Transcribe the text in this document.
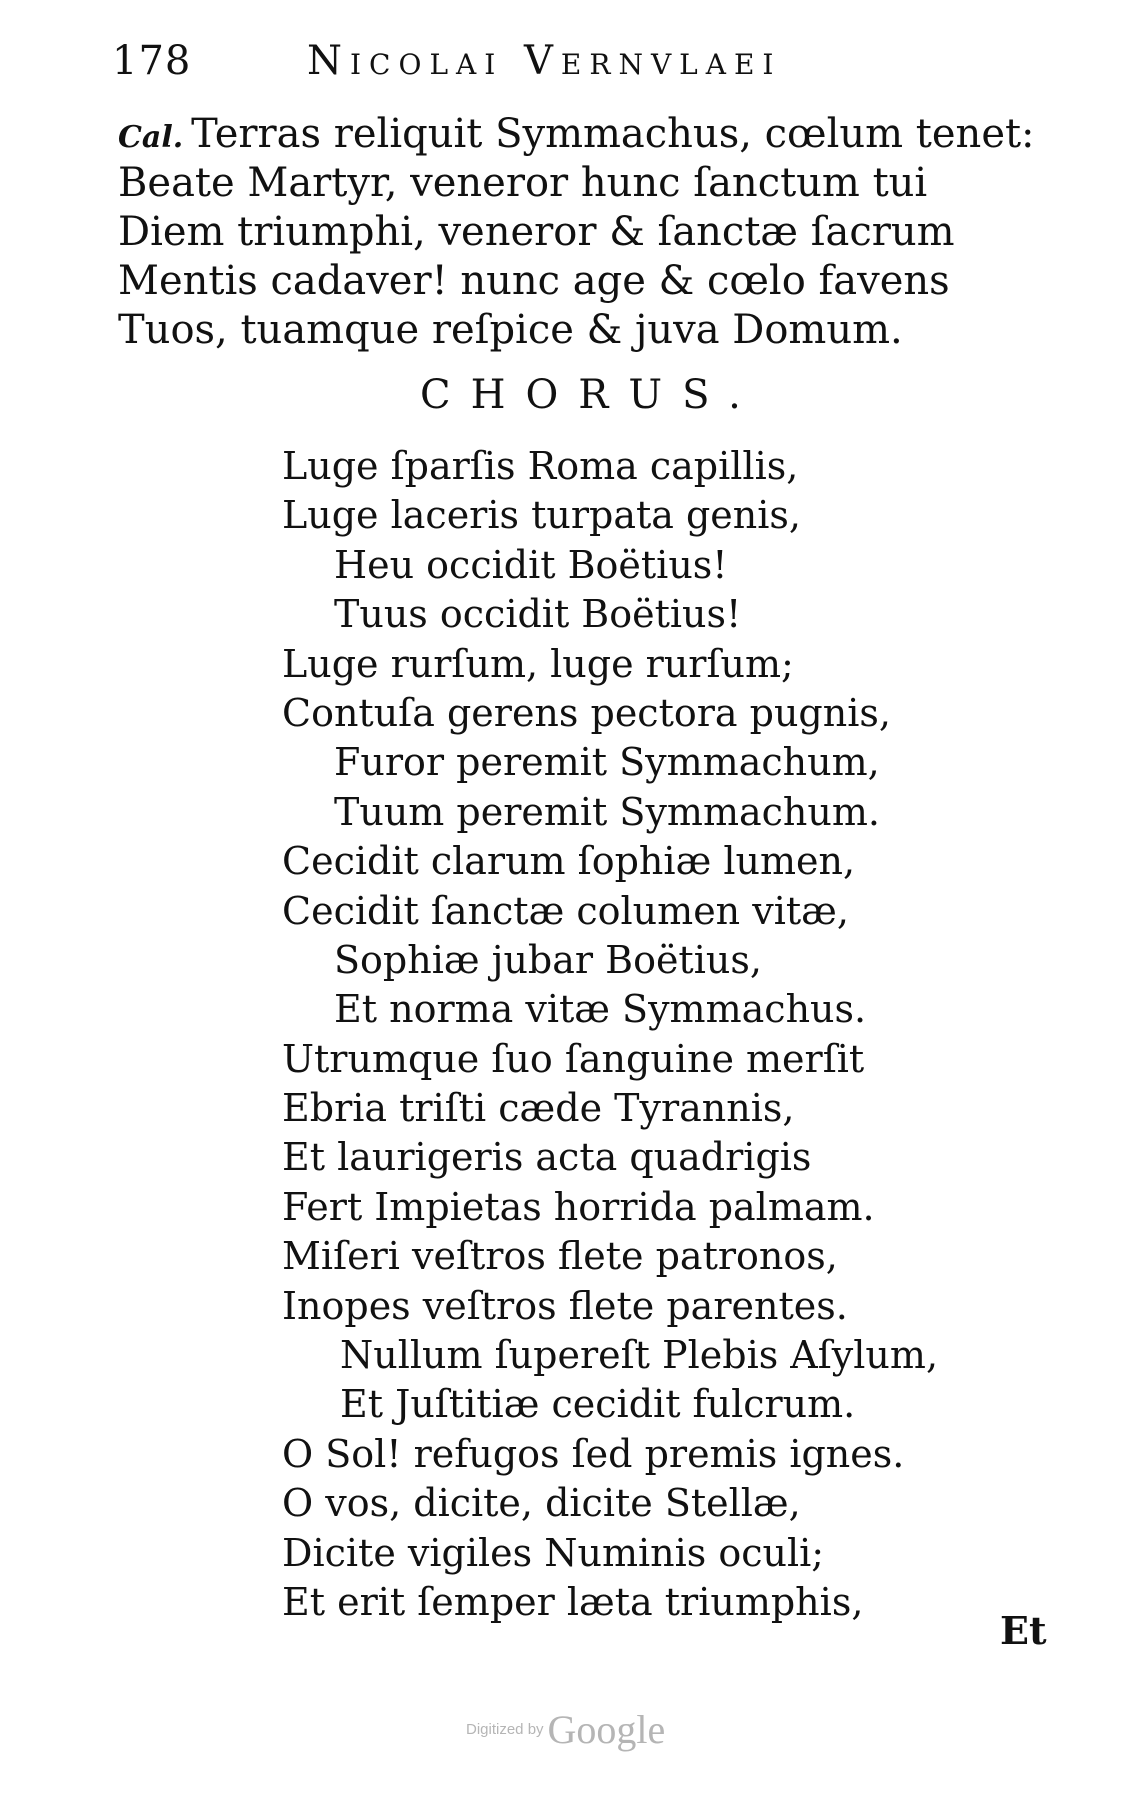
178	Nicolai Vernvlaei
Cal. Terras reliquit Symmachus, cœlum tenet:
Beate Martyr, veneror hunc ſanctum tui
Diem triumphi, veneror & ſanctæ ſacrum
Mentis cadaver! nunc age & cœlo favens
Tuos, tuamque reſpice & juva Domum.
CHORUS.
Luge ſparſis Roma capillis,
Luge laceris turpata genis,
Heu occidit Boëtius!
Tuus occidit Boëtius!
Luge rurſum, luge rurſum;
Contuſa gerens pectora pugnis,
Furor peremit Symmachum,
Tuum peremit Symmachum.
Cecidit clarum ſophiæ lumen,
Cecidit ſanctæ columen vitæ,
Sophiæ jubar Boëtius,
Et norma vitæ Symmachus.
Utrumque ſuo ſanguine merſit
Ebria triſti cæde Tyrannis,
Et laurigeris acta quadrigis
Fert Impietas horrida palmam.
Miſeri veſtros flete patronos,
Inopes veſtros flete parentes.
Nullum ſupereſt Plebis Aſylum,
Et Juſtitiæ cecidit fulcrum.
O Sol! refugos ſed premis ignes.
O vos, dicite, dicite Stellæ,
Dicite vigiles Numinis oculi;
Et erit ſemper læta triumphis,
Et
Digitized by Google
